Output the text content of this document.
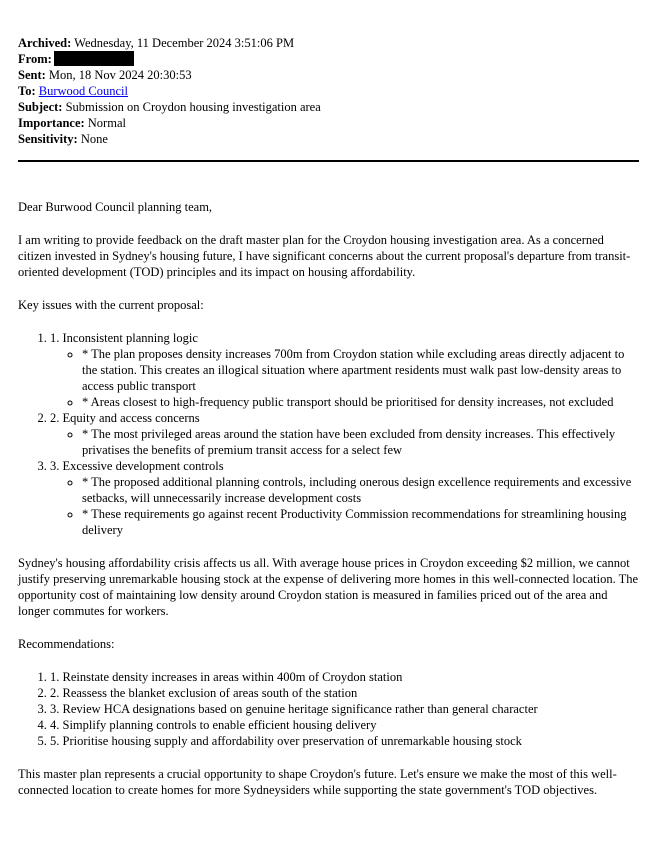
Archived: Wednesday, 11 December 2024 3:51:06 PM
From:
Sent: Mon, 18 Nov 2024 20:30:53
To: Burwood Council
Subject: Submission on Croydon housing investigation area
Importance: Normal
Sensitivity: None

Dear Burwood Council planning team,

I am writing to provide feedback on the draft master plan for the Croydon housing investigation area. As a concerned citizen invested in Sydney's housing future, I have significant concerns about the current proposal's departure from transit-oriented development (TOD) principles and its impact on housing affordability.

Key issues with the current proposal:

1. 1. Inconsistent planning logic
◦ * The plan proposes density increases 700m from Croydon station while excluding areas directly adjacent to the station. This creates an illogical situation where apartment residents must walk past low-density areas to access public transport
◦ * Areas closest to high-frequency public transport should be prioritised for density increases, not excluded
2. 2. Equity and access concerns
◦ * The most privileged areas around the station have been excluded from density increases. This effectively privatises the benefits of premium transit access for a select few
3. 3. Excessive development controls
◦ * The proposed additional planning controls, including onerous design excellence requirements and excessive setbacks, will unnecessarily increase development costs
◦ * These requirements go against recent Productivity Commission recommendations for streamlining housing delivery

Sydney's housing affordability crisis affects us all. With average house prices in Croydon exceeding $2 million, we cannot justify preserving unremarkable housing stock at the expense of delivering more homes in this well-connected location. The opportunity cost of maintaining low density around Croydon station is measured in families priced out of the area and longer commutes for workers.

Recommendations:

1. 1. Reinstate density increases in areas within 400m of Croydon station
2. 2. Reassess the blanket exclusion of areas south of the station
3. 3. Review HCA designations based on genuine heritage significance rather than general character
4. 4. Simplify planning controls to enable efficient housing delivery
5. 5. Prioritise housing supply and affordability over preservation of unremarkable housing stock

This master plan represents a crucial opportunity to shape Croydon's future. Let's ensure we make the most of this well-connected location to create homes for more Sydneysiders while supporting the state government's TOD objectives.
